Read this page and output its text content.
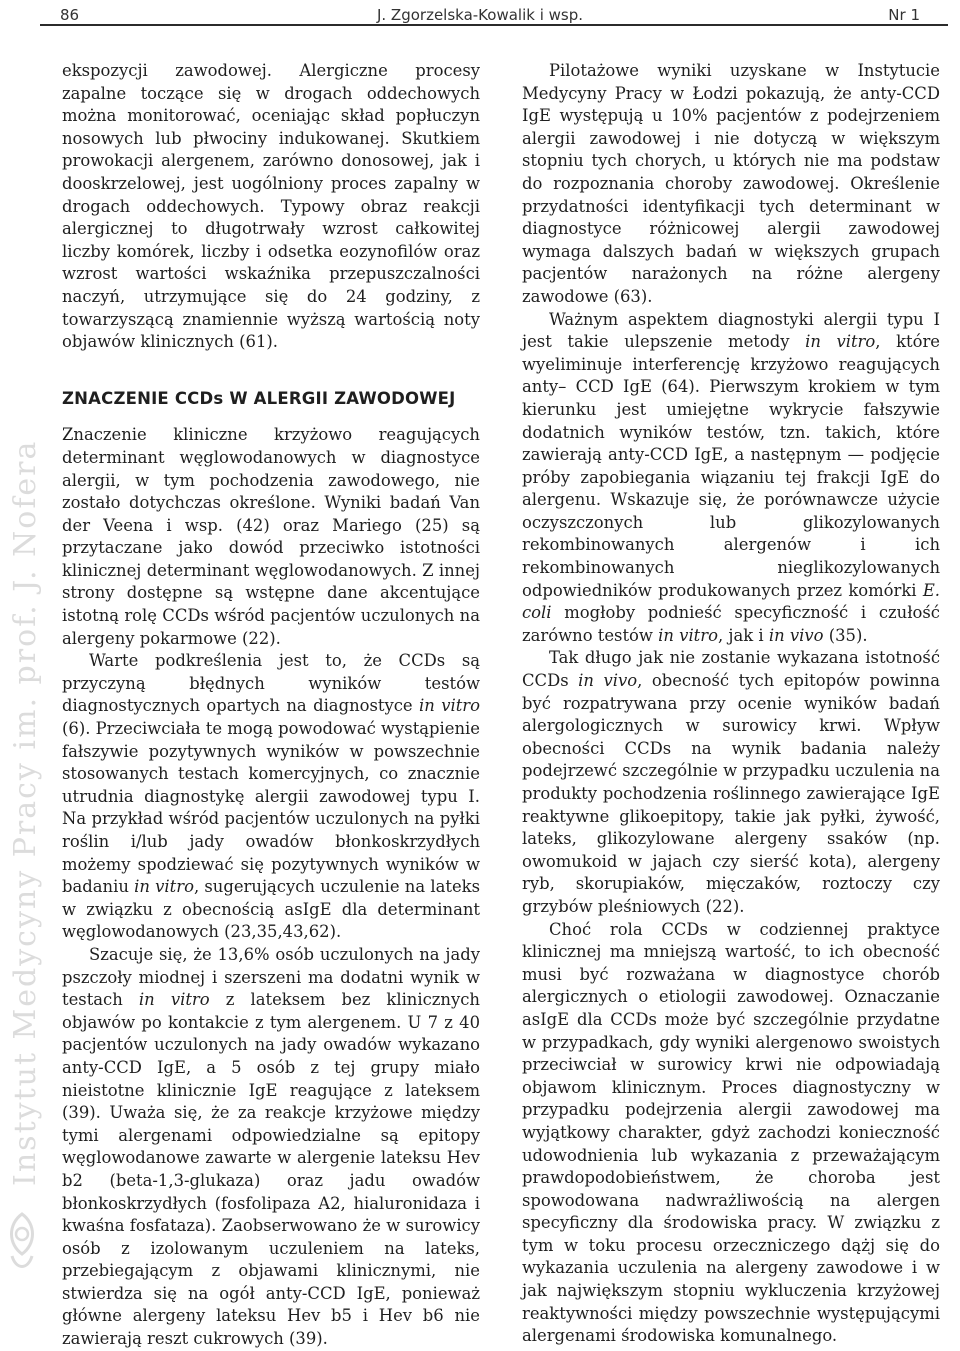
86	J. Zgorzelska-Kowalik i wsp.	Nr 1
Instytut Medycyny Pracy im. prof. J. Nofera

ekspozycji zawodowej. Alergiczne procesy zapalne toczące się w drogach oddechowych można monitorować, oceniając skład popłuczyn nosowych lub płwociny indukowanej. Skutkiem prowokacji alergenem, zarówno donosowej, jak i dooskrzelowej, jest uogólniony proces zapalny w drogach oddechowych. Typowy obraz reakcji alergicznej to długotrwały wzrost całkowitej liczby komórek, liczby i odsetka eozynofilów oraz wzrost wartości wskaźnika przepuszczalności naczyń, utrzymujące się do 24 godziny, z towarzyszącą znamiennie wyższą wartością noty objawów klinicznych (61).

ZNACZENIE CCDs W ALERGII ZAWODOWEJ

Znaczenie kliniczne krzyżowo reagujących determinant węglowodanowych w diagnostyce alergii, w tym pochodzenia zawodowego, nie zostało dotychczas określone. Wyniki badań Van der Veena i wsp. (42) oraz Mariego (25) są przytaczane jako dowód przeciwko istotności klinicznej determinant węglowodanowych. Z innej strony dostępne są wstępne dane akcentujące istotną rolę CCDs wśród pacjentów uczulonych na alergeny pokarmowe (22).

Warte podkreślenia jest to, że CCDs są przyczyną błędnych wyników testów diagnostycznych opartych na diagnostyce in vitro (6). Przeciwciała te mogą powodować wystąpienie fałszywie pozytywnych wyników w powszechnie stosowanych testach komercyjnych, co znacznie utrudnia diagnostykę alergii zawodowej typu I. Na przykład wśród pacjentów uczulonych na pyłki roślin i/lub jady owadów błonkoskrzydłych możemy spodziewać się pozytywnych wyników w badaniu in vitro, sugerujących uczulenie na lateks w związku z obecnością asIgE dla determinant węglowodanowych (23,35,43,62).

Szacuje się, że 13,6% osób uczulonych na jady pszczoły miodnej i szerszeni ma dodatni wynik w testach in vitro z lateksem bez klinicznych objawów po kontakcie z tym alergenem. U 7 z 40 pacjentów uczulonych na jady owadów wykazano anty-CCD IgE, a 5 osób z tej grupy miało nieistotne klinicznie IgE reagujące z lateksem (39). Uważa się, że za reakcje krzyżowe między tymi alergenami odpowiedzialne są epitopy węglowodanowe zawarte w alergenie lateksu Hev b2 (beta-1,3-glukaza) oraz jadu owadów błonkoskrzydłych (fosfolipaza A2, hialuronidaza i kwaśna fosfataza). Zaobserwowano że w surowicy osób z izolowanym uczuleniem na lateks, przebiegającym z objawami klinicznymi, nie stwierdza się na ogół anty-CCD IgE, ponieważ główne alergeny lateksu Hev b5 i Hev b6 nie zawierają reszt cukrowych (39).

Pilotażowe wyniki uzyskane w Instytucie Medycyny Pracy w Łodzi pokazują, że anty-CCD IgE występują u 10% pacjentów z podejrzeniem alergii zawodowej i nie dotyczą w większym stopniu tych chorych, u których nie ma podstaw do rozpoznania choroby zawodowej. Określenie przydatności identyfikacji tych determinant w diagnostyce różnicowej alergii zawodowej wymaga dalszych badań w większych grupach pacjentów narażonych na różne alergeny zawodowe (63).

Ważnym aspektem diagnostyki alergii typu I jest takie ulepszenie metody in vitro, które wyeliminuje interferencję krzyżowo reagujących anty– CCD IgE (64). Pierwszym krokiem w tym kierunku jest umiejętne wykrycie fałszywie dodatnich wyników testów, tzn. takich, które zawierają anty-CCD IgE, a następnym — podjęcie próby zapobiegania wiązaniu tej frakcji IgE do alergenu. Wskazuje się, że porównawcze użycie oczyszczonych lub glikozylowanych rekombinowanych alergenów i ich rekombinowanych nieglikozylowanych odpowiedników produkowanych przez komórki E. coli mogłoby podnieść specyficzność i czułość zarówno testów in vitro, jak i in vivo (35).

Tak długo jak nie zostanie wykazana istotność CCDs in vivo, obecność tych epitopów powinna być rozpatrywana przy ocenie wyników badań alergologicznych w surowicy krwi. Wpływ obecności CCDs na wynik badania należy podejrzewć szczególnie w przypadku uczulenia na produkty pochodzenia roślinnego zawierające IgE reaktywne glikoepitopy, takie jak pyłki, żywość, lateks, glikozylowane alergeny ssaków (np. owomukoid w jajach czy sierść kota), alergeny ryb, skorupiaków, mięczaków, roztoczy czy grzybów pleśniowych (22).

Choć rola CCDs w codziennej praktyce klinicznej ma mniejszą wartość, to ich obecność musi być rozważana w diagnostyce chorób alergicznych o etiologii zawodowej. Oznaczanie asIgE dla CCDs może być szczególnie przydatne w przypadkach, gdy wyniki alergenowo swoistych przeciwciał w surowicy krwi nie odpowiadają objawom klinicznym. Proces diagnostyczny w przypadku podejrzenia alergii zawodowej ma wyjątkowy charakter, gdyż zachodzi konieczność udowodnienia lub wykazania z przeważającym prawdopodobieństwem, że choroba jest spowodowana nadwrażliwością na alergen specyficzny dla środowiska pracy. W związku z tym w toku procesu orzeczniczego dążj się do wykazania uczulenia na alergeny zawodowe i w jak największym stopniu wykluczenia krzyżowej reaktywności między powszechnie występującymi alergenami środowiska komunalnego.
